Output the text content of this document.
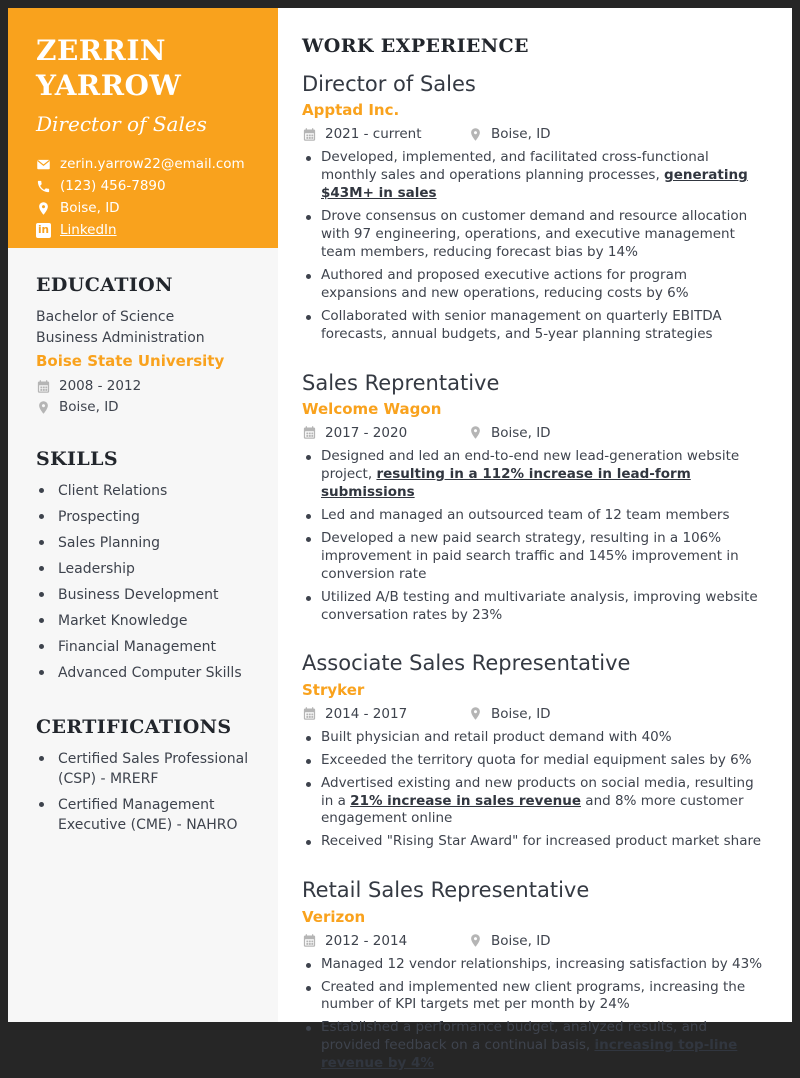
ZERRIN YARROW
Director of Sales
zerin.yarrow22@email.com
(123) 456-7890
Boise, ID
in LinkedIn
EDUCATION
Bachelor of Science
Business Administration
Boise State University
2008 - 2012
Boise, ID
SKILLS
Client Relations
Prospecting
Sales Planning
Leadership
Business Development
Market Knowledge
Financial Management
Advanced Computer Skills
CERTIFICATIONS
Certified Sales Professional (CSP) - MRERF
Certified Management Executive (CME) - NAHRO
WORK EXPERIENCE
Director of Sales
Apptad Inc.
2021 - current	Boise, ID
Developed, implemented, and facilitated cross-functional monthly sales and operations planning processes, generating $43M+ in sales
Drove consensus on customer demand and resource allocation with 97 engineering, operations, and executive management team members, reducing forecast bias by 14%
Authored and proposed executive actions for program expansions and new operations, reducing costs by 6%
Collaborated with senior management on quarterly EBITDA forecasts, annual budgets, and 5-year planning strategies
Sales Reprentative
Welcome Wagon
2017 - 2020	Boise, ID
Designed and led an end-to-end new lead-generation website project, resulting in a 112% increase in lead-form submissions
Led and managed an outsourced team of 12 team members
Developed a new paid search strategy, resulting in a 106% improvement in paid search traffic and 145% improvement in conversion rate
Utilized A/B testing and multivariate analysis, improving website conversation rates by 23%
Associate Sales Representative
Stryker
2014 - 2017	Boise, ID
Built physician and retail product demand with 40%
Exceeded the territory quota for medial equipment sales by 6%
Advertised existing and new products on social media, resulting in a 21% increase in sales revenue and 8% more customer engagement online
Received "Rising Star Award" for increased product market share
Retail Sales Representative
Verizon
2012 - 2014	Boise, ID
Managed 12 vendor relationships, increasing satisfaction by 43%
Created and implemented new client programs, increasing the number of KPI targets met per month by 24%
Established a performance budget, analyzed results, and provided feedback on a continual basis, increasing top-line revenue by 4%
